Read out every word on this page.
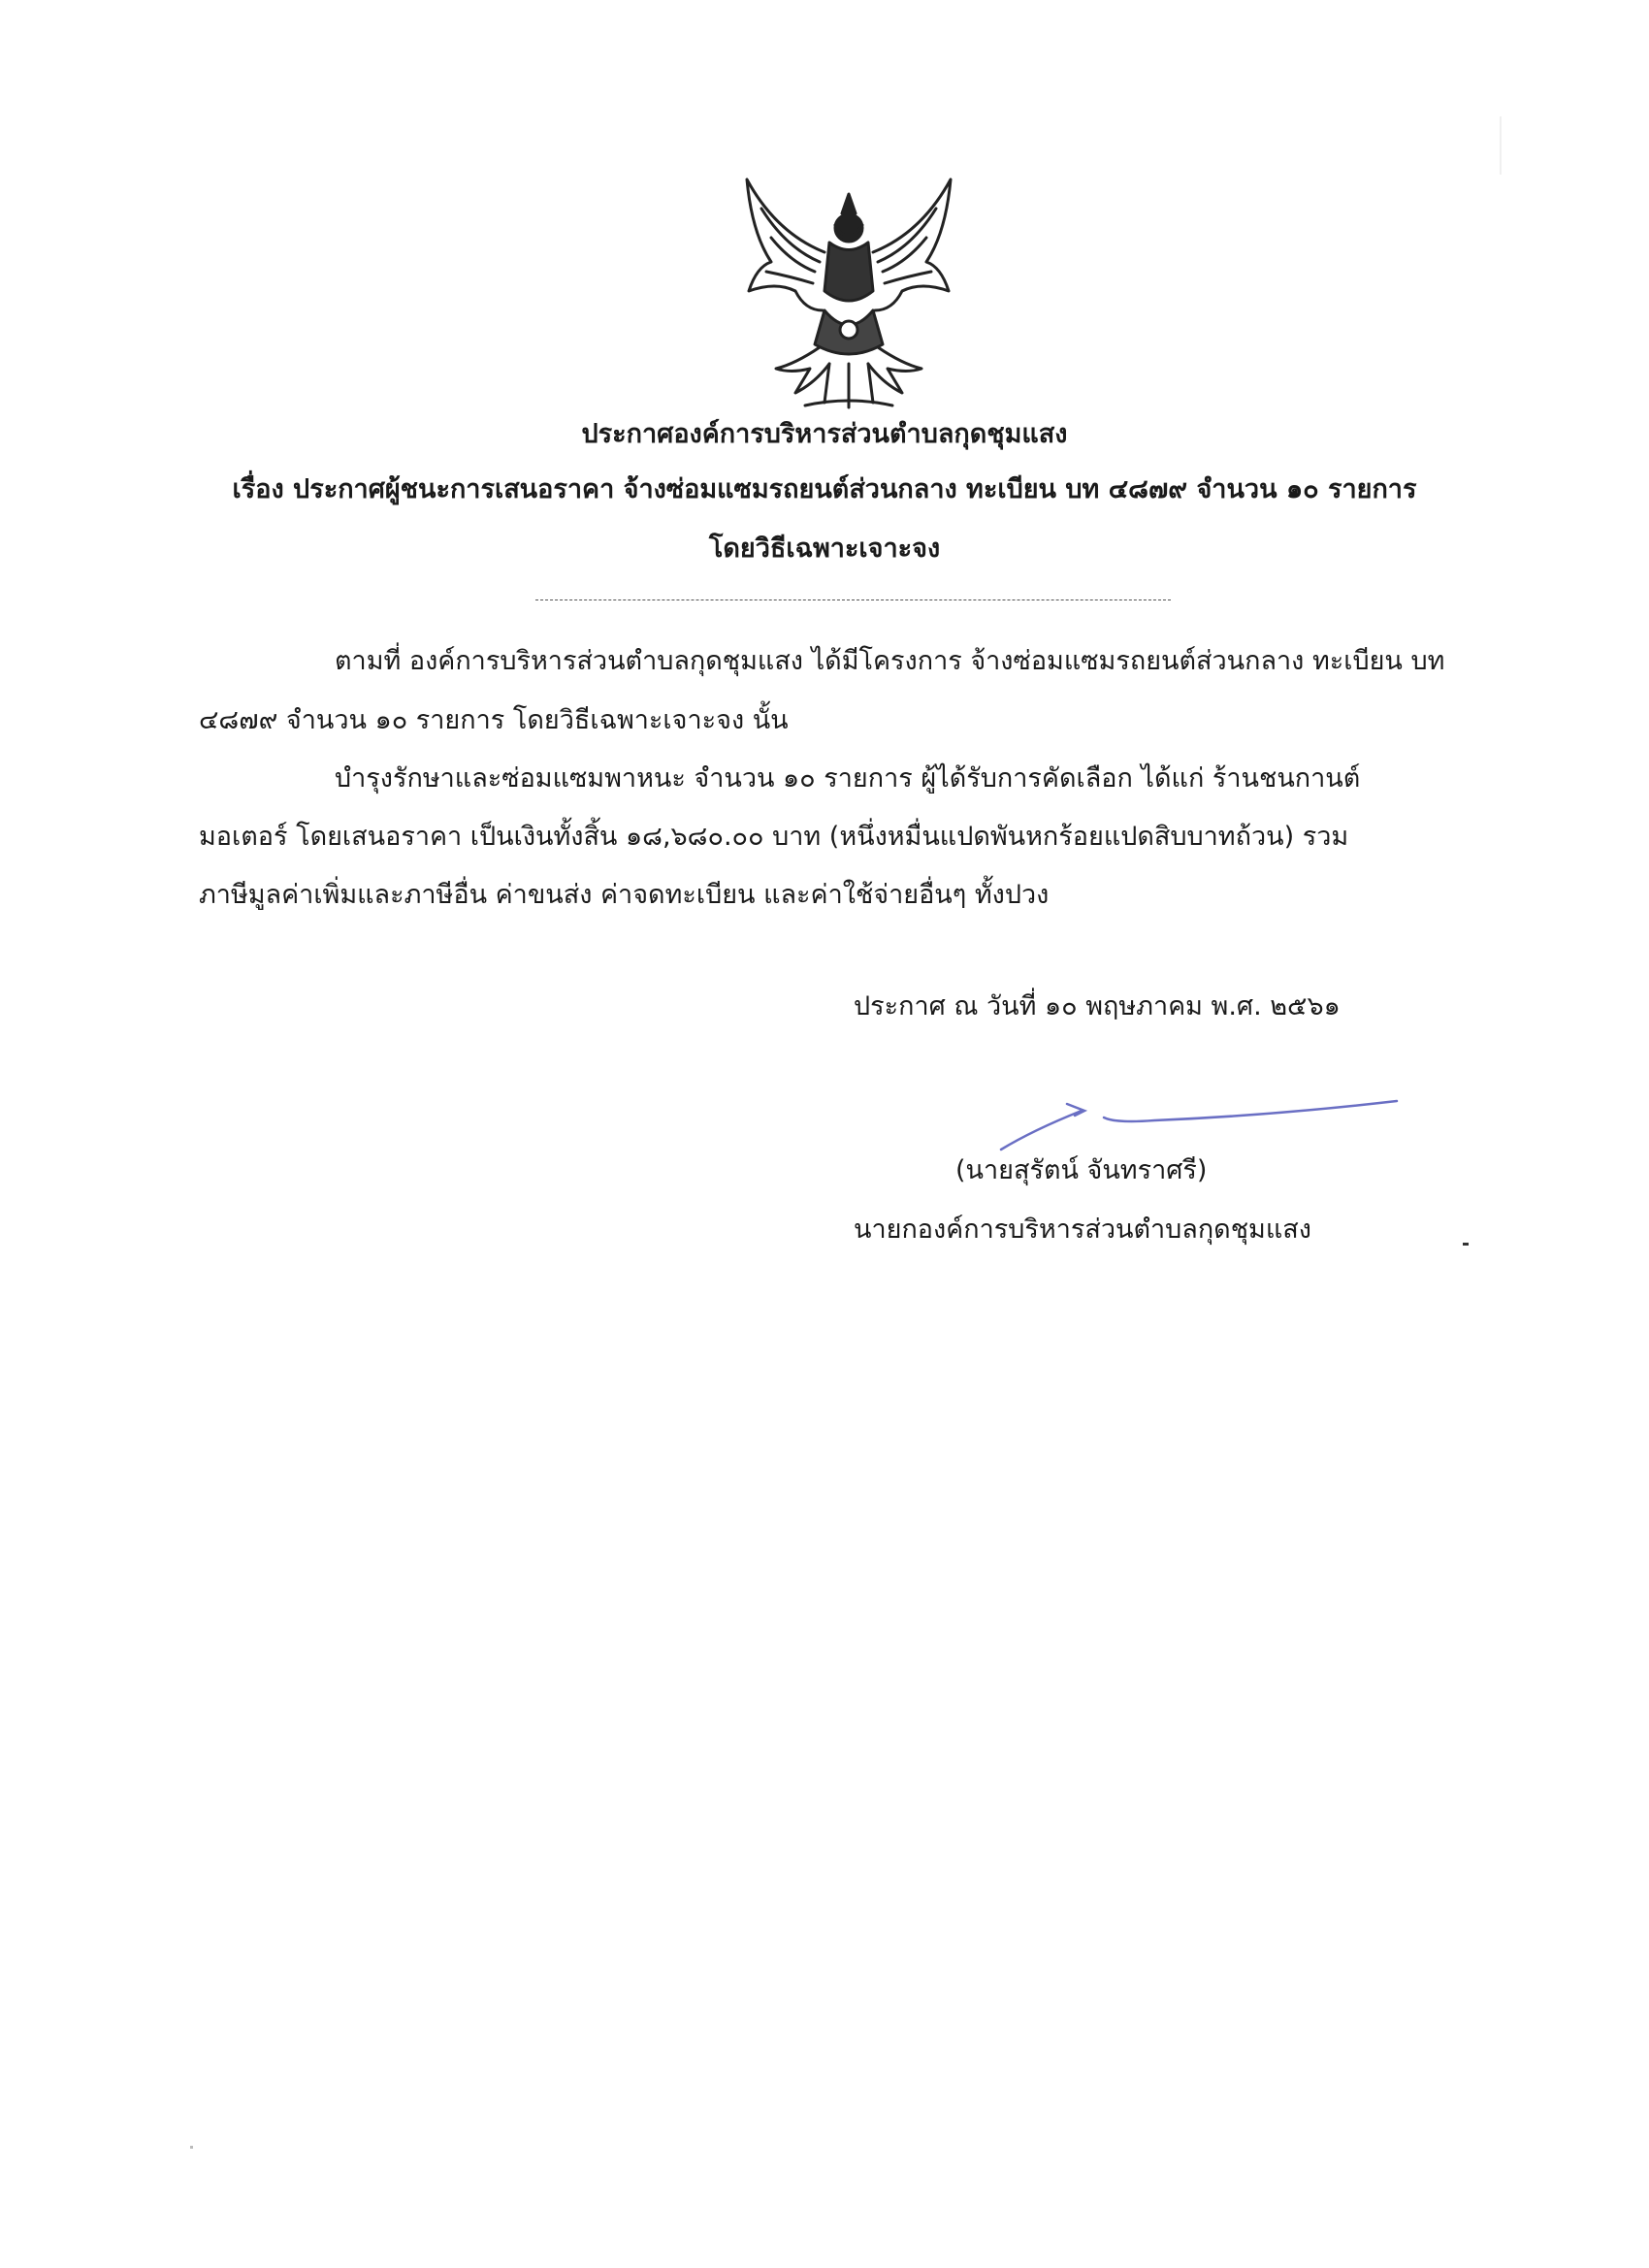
ประกาศองค์การบริหารส่วนตำบลกุดชุมแสง
เรื่อง ประกาศผู้ชนะการเสนอราคา จ้างซ่อมแซมรถยนต์ส่วนกลาง ทะเบียน บท ๔๘๗๙ จำนวน ๑๐ รายการ
โดยวิธีเฉพาะเจาะจง
ตามที่ องค์การบริหารส่วนตำบลกุดชุมแสง ได้มีโครงการ จ้างซ่อมแซมรถยนต์ส่วนกลาง ทะเบียน บท
๔๘๗๙ จำนวน ๑๐ รายการ โดยวิธีเฉพาะเจาะจง นั้น
บำรุงรักษาและซ่อมแซมพาหนะ จำนวน ๑๐ รายการ ผู้ได้รับการคัดเลือก ได้แก่ ร้านชนกานต์
มอเตอร์ โดยเสนอราคา เป็นเงินทั้งสิ้น ๑๘,๖๘๐.๐๐ บาท (หนึ่งหมื่นแปดพันหกร้อยแปดสิบบาทถ้วน) รวม
ภาษีมูลค่าเพิ่มและภาษีอื่น ค่าขนส่ง ค่าจดทะเบียน และค่าใช้จ่ายอื่นๆ ทั้งปวง
ประกาศ ณ วันที่ ๑๐ พฤษภาคม พ.ศ. ๒๕๖๑
(นายสุรัตน์ จันทราศรี)
นายกองค์การบริหารส่วนตำบลกุดชุมแสง
